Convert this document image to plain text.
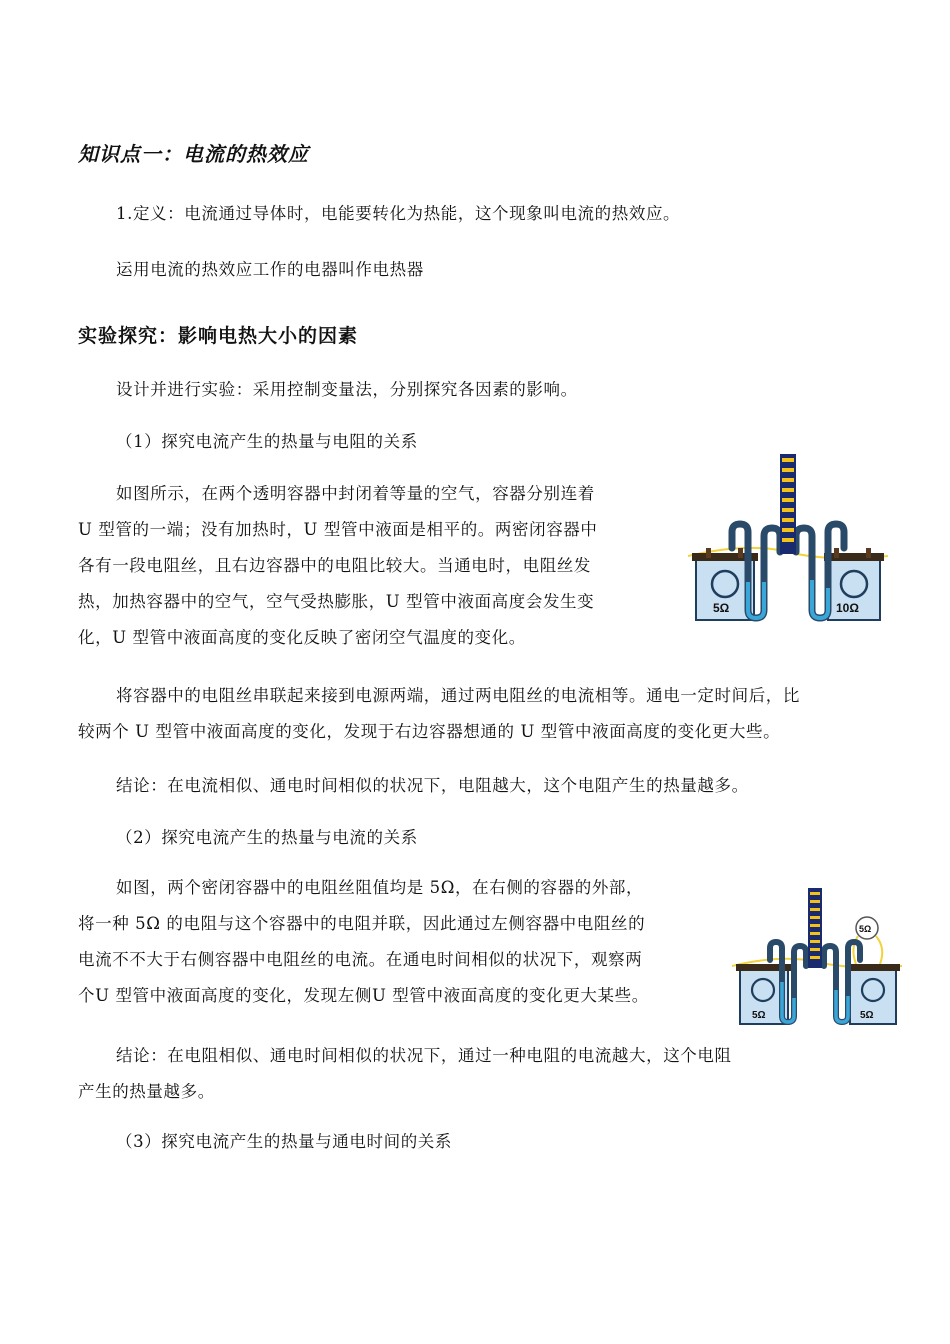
知识点一：电流的热效应
1.定义：电流通过导体时，电能要转化为热能，这个现象叫电流的热效应。
运用电流的热效应工作的电器叫作电热器
实验探究：影响电热大小的因素
设计并进行实验：采用控制变量法，分别探究各因素的影响。
（1）探究电流产生的热量与电阻的关系
如图所示，在两个透明容器中封闭着等量的空气，容器分别连着
U 型管的一端；没有加热时，U 型管中液面是相平的。两密闭容器中
各有一段电阻丝，且右边容器中的电阻比较大。当通电时，电阻丝发
热，加热容器中的空气，空气受热膨胀，U 型管中液面高度会发生变
化，U 型管中液面高度的变化反映了密闭空气温度的变化。
5Ω	10Ω
将容器中的电阻丝串联起来接到电源两端，通过两电阻丝的电流相等。通电一定时间后，比
较两个 U 型管中液面高度的变化，发现于右边容器想通的 U 型管中液面高度的变化更大些。
结论：在电流相似、通电时间相似的状况下，电阻越大，这个电阻产生的热量越多。
（2）探究电流产生的热量与电流的关系
如图，两个密闭容器中的电阻丝阻值均是 5Ω，在右侧的容器的外部，
将一种 5Ω 的电阻与这个容器中的电阻并联，因此通过左侧容器中电阻丝的
电流不不大于右侧容器中电阻丝的电流。在通电时间相似的状况下，观察两
个U 型管中液面高度的变化，发现左侧U 型管中液面高度的变化更大某些。
5Ω
5Ω	5Ω
结论：在电阻相似、通电时间相似的状况下，通过一种电阻的电流越大，这个电阻
产生的热量越多。
（3）探究电流产生的热量与通电时间的关系
